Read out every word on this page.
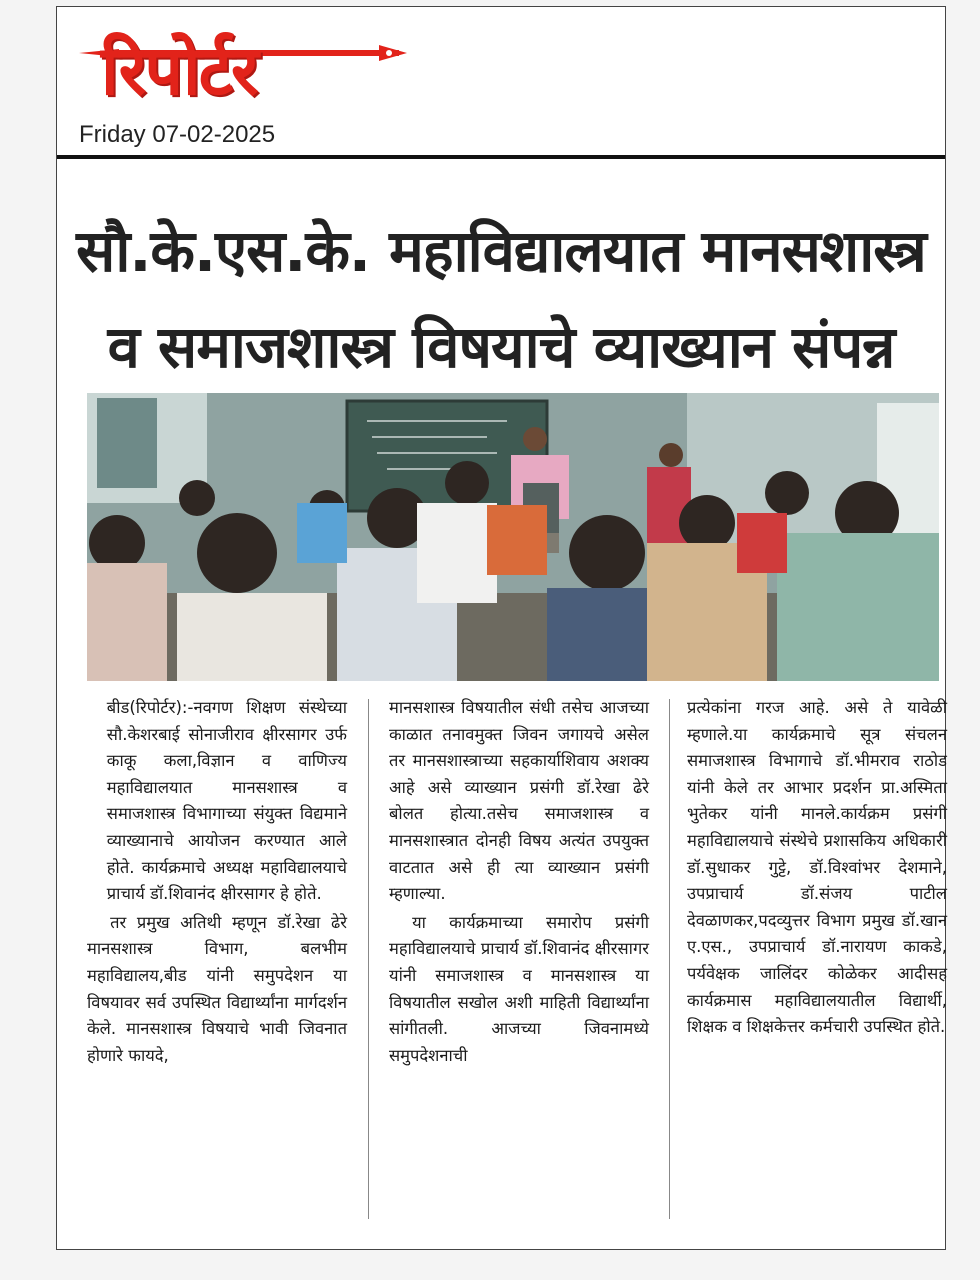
रिपोर्टर
Friday 07-02-2025
सौ.के.एस.के. महाविद्यालयात मानसशास्त्र
व समाजशास्त्र विषयाचे व्याख्यान संपन्न

बीड(रिपोर्टर):-नवगण शिक्षण संस्थेच्या सौ.केशरबाई सोनाजीराव क्षीरसागर उर्फ काकू कला,विज्ञान व वाणिज्य महाविद्यालयात मानसशास्त्र व समाजशास्त्र विभागाच्या संयुक्त विद्यमाने व्याख्यानाचे आयोजन करण्यात आले होते. कार्यक्रमाचे अध्यक्ष महाविद्यालयाचे प्राचार्य डॉ.शिवानंद क्षीरसागर हे होते.

तर प्रमुख अतिथी म्हणून डॉ.रेखा ढेरे मानसशास्त्र विभाग, बलभीम महाविद्यालय,बीड यांनी समुपदेशन या विषयावर सर्व उपस्थित विद्यार्थ्यांना मार्गदर्शन केले. मानसशास्त्र विषयाचे भावी जिवनात होणारे फायदे,

मानसशास्त्र विषयातील संधी तसेच आजच्या काळात तनावमुक्त जिवन जगायचे असेल तर मानसशास्त्राच्या सहकार्याशिवाय अशक्य आहे असे व्याख्यान प्रसंगी डॉ.रेखा ढेरे बोलत होत्या.तसेच समाजशास्त्र व मानसशास्त्रात दोनही विषय अत्यंत उपयुक्त वाटतात असे ही त्या व्याख्यान प्रसंगी म्हणाल्या.

या कार्यक्रमाच्या समारोप प्रसंगी महाविद्यालयाचे प्राचार्य डॉ.शिवानंद क्षीरसागर यांनी समाजशास्त्र व मानसशास्त्र या विषयातील सखोल अशी माहिती विद्यार्थ्यांना सांगीतली. आजच्या जिवनामध्ये समुपदेशनाची

प्रत्येकांना गरज आहे. असे ते यावेळी म्हणाले.या कार्यक्रमाचे सूत्र संचलन समाजशास्त्र विभागाचे डॉ.भीमराव राठोड यांनी केले तर आभार प्रदर्शन प्रा.अस्मिता भुतेकर यांनी मानले.कार्यक्रम प्रसंगी महाविद्यालयाचे संस्थेचे प्रशासकिय अधिकारी डॉ.सुधाकर गुट्टे, डॉ.विश्वांभर देशमाने, उपप्राचार्य डॉ.संजय पाटील देवळाणकर,पदव्युत्तर विभाग प्रमुख डॉ.खान ए.एस., उपप्राचार्य डॉ.नारायण काकडे, पर्यवेक्षक जालिंदर कोळेकर आदीसह कार्यक्रमास महाविद्यालयातील विद्यार्थी, शिक्षक व शिक्षकेत्तर कर्मचारी उपस्थित होते.
